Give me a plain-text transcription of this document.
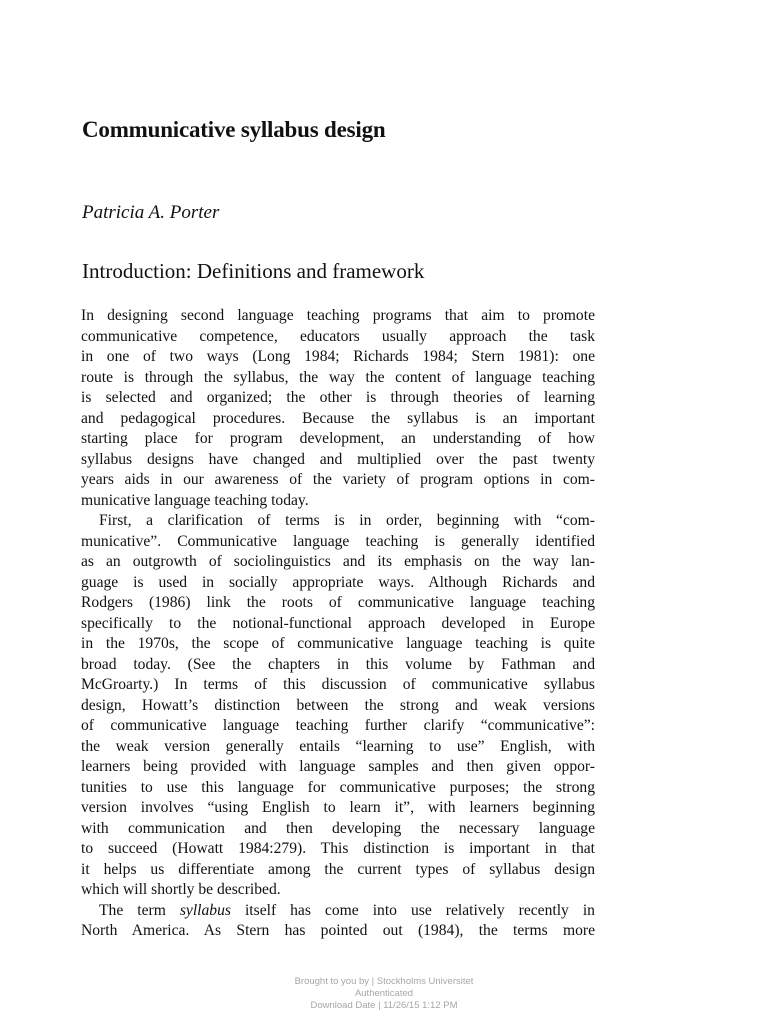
Communicative syllabus design
Patricia A. Porter
Introduction: Definitions and framework
In designing second language teaching programs that aim to promote
communicative competence, educators usually approach the task
in one of two ways (Long 1984; Richards 1984; Stern 1981): one
route is through the syllabus, the way the content of language teaching
is selected and organized; the other is through theories of learning
and pedagogical procedures. Because the syllabus is an important
starting place for program development, an understanding of how
syllabus designs have changed and multiplied over the past twenty
years aids in our awareness of the variety of program options in com-
municative language teaching today.
First, a clarification of terms is in order, beginning with “com-
municative”. Communicative language teaching is generally identified
as an outgrowth of sociolinguistics and its emphasis on the way lan-
guage is used in socially appropriate ways. Although Richards and
Rodgers (1986) link the roots of communicative language teaching
specifically to the notional-functional approach developed in Europe
in the 1970s, the scope of communicative language teaching is quite
broad today. (See the chapters in this volume by Fathman and
McGroarty.) In terms of this discussion of communicative syllabus
design, Howatt’s distinction between the strong and weak versions
of communicative language teaching further clarify “communicative”:
the weak version generally entails “learning to use” English, with
learners being provided with language samples and then given oppor-
tunities to use this language for communicative purposes; the strong
version involves “using English to learn it”, with learners beginning
with communication and then developing the necessary language
to succeed (Howatt 1984:279). This distinction is important in that
it helps us differentiate among the current types of syllabus design
which will shortly be described.
The term syllabus itself has come into use relatively recently in
North America. As Stern has pointed out (1984), the terms more
Brought to you by | Stockholms Universitet
Authenticated
Download Date | 11/26/15 1:12 PM
